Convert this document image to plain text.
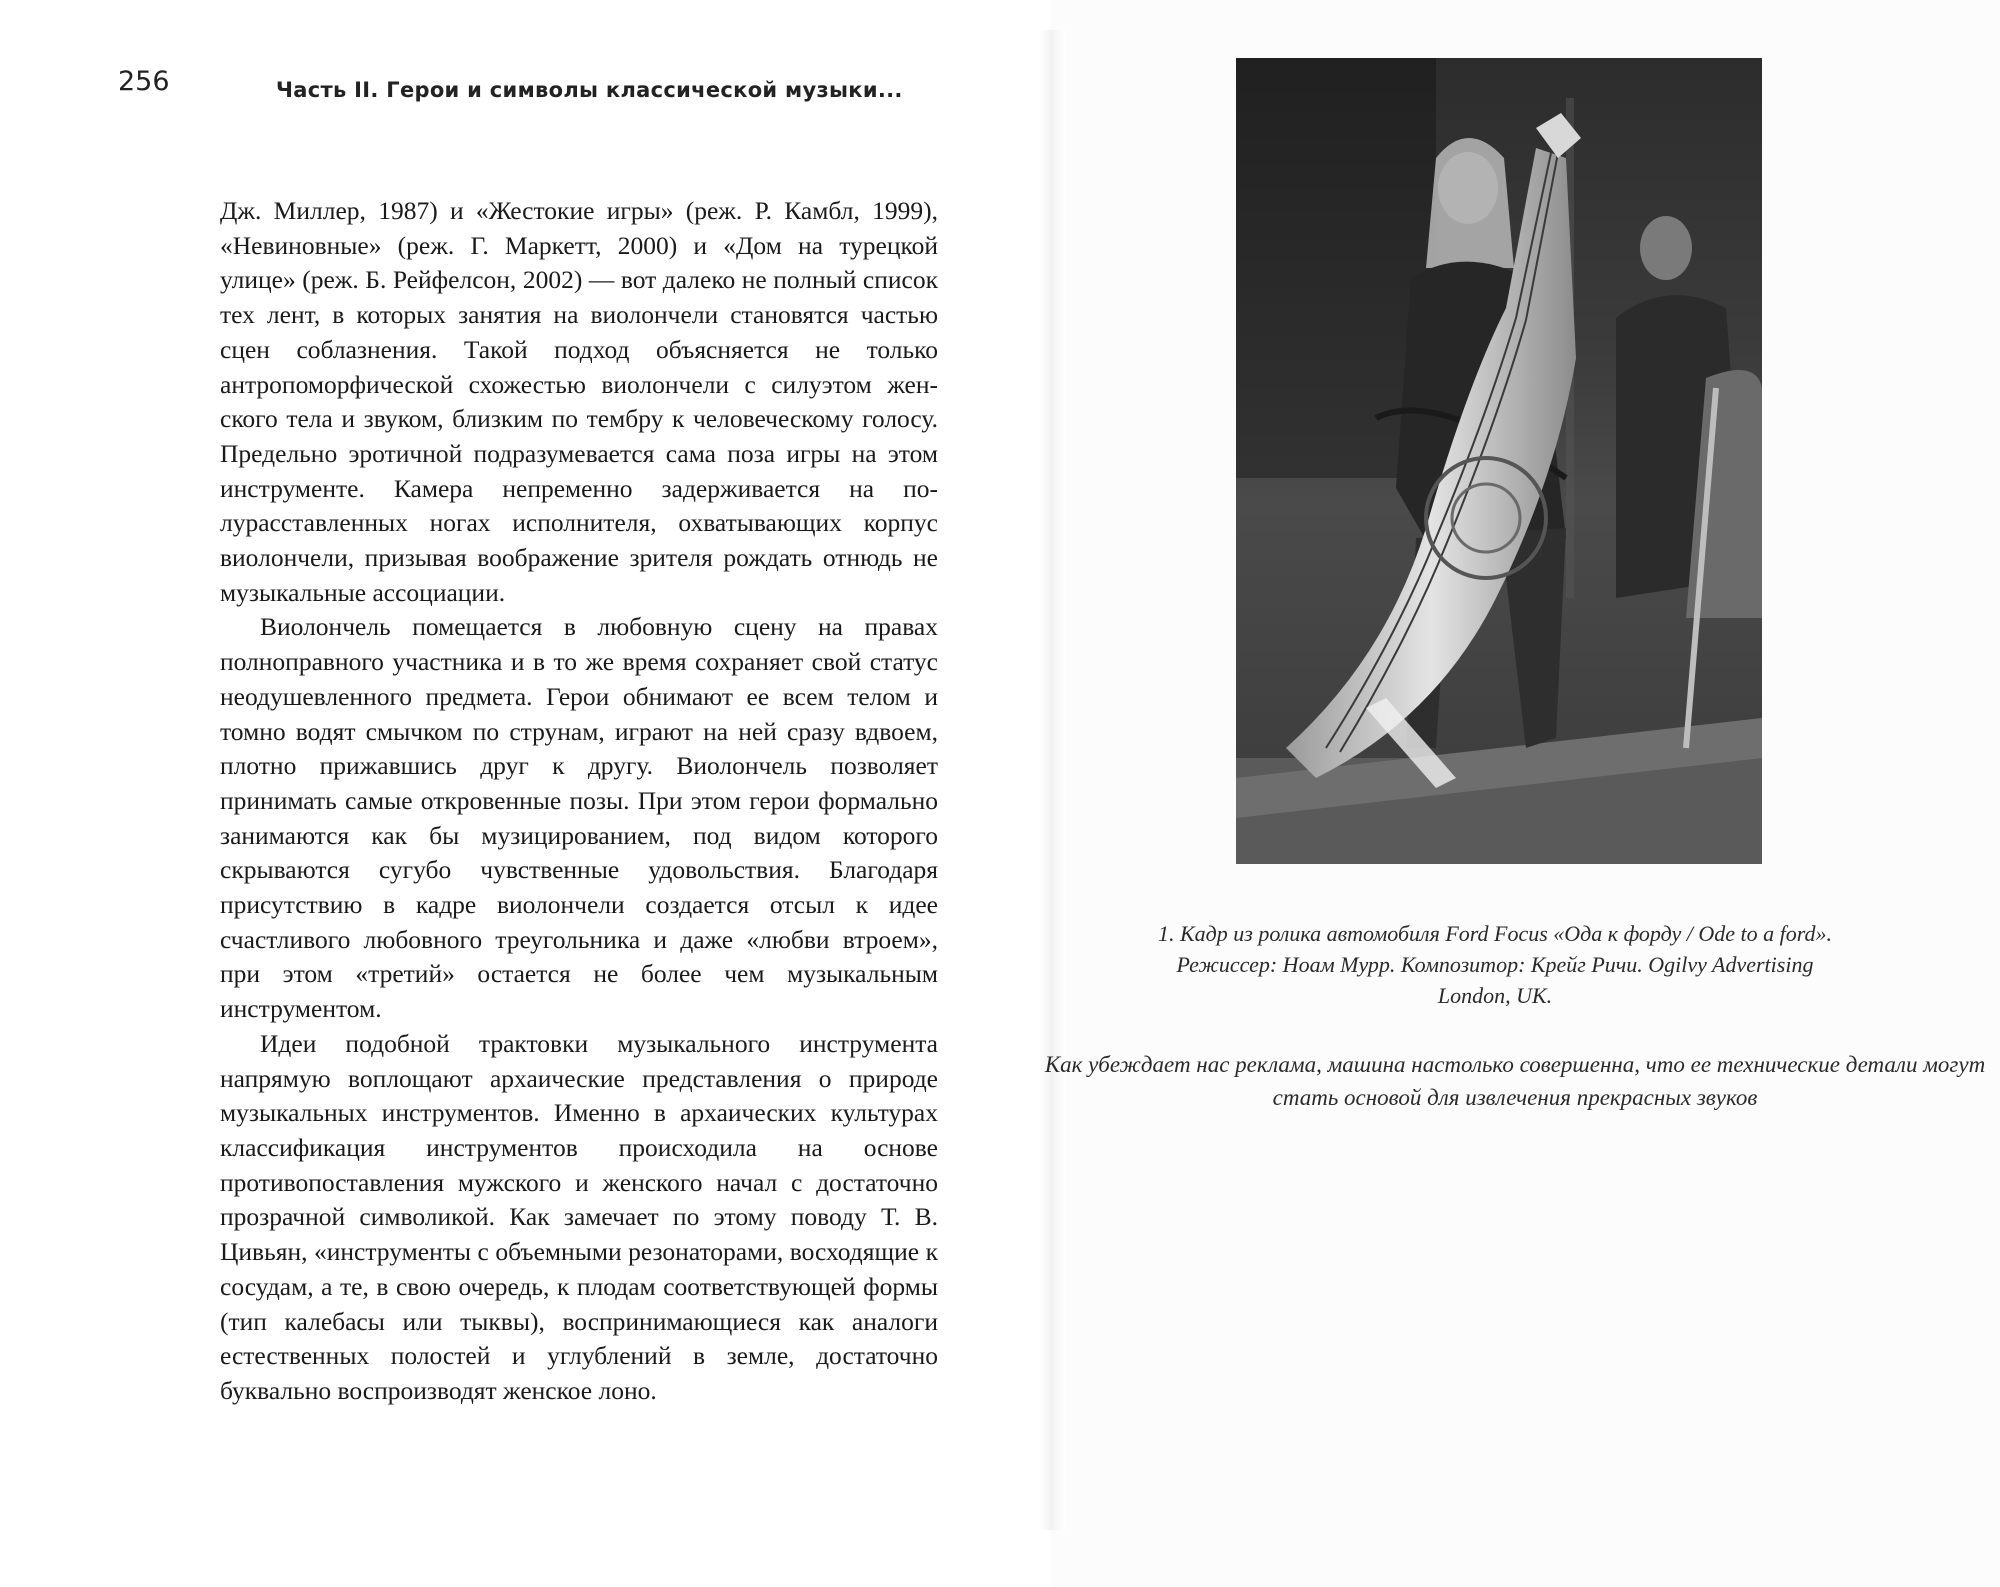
256	Часть II. Герои и символы классической музыки...

Дж. Миллер, 1987) и «Жестокие игры» (реж. Р. Камбл, 1999), «Невиновные» (реж. Г. Маркетт, 2000) и «Дом на турецкой улице» (реж. Б. Рейфелсон, 2002) — вот далеко не полный список тех лент, в которых занятия на виолончели становятся частью сцен соблазнения. Такой подход объясняется не только антропоморфической схожестью виолончели с силуэтом женского тела и звуком, близким по тембру к человеческому голосу. Предельно эротичной подразумевается сама поза игры на этом инструменте. Камера непременно задерживается на полурасставленных ногах исполнителя, охватывающих корпус виолончели, призывая воображение зрителя рождать отнюдь не музыкальные ассоциации.

Виолончель помещается в любовную сцену на правах полноправного участника и в то же время сохраняет свой статус неодушевленного предмета. Герои обнимают ее всем телом и томно водят смычком по струнам, играют на ней сразу вдвоем, плотно прижавшись друг к другу. Виолончель позволяет принимать самые откровенные позы. При этом герои формально занимаются как бы музицированием, под видом которого скрываются сугубо чувственные удовольствия. Благодаря присутствию в кадре виолончели создается отсыл к идее счастливого любовного треугольника и даже «любви втроем», при этом «третий» остается не более чем музыкальным инструментом.

Идеи подобной трактовки музыкального инструмента напрямую воплощают архаические представления о природе музыкальных инструментов. Именно в архаических культурах классификация инструментов происходила на основе противопоставления мужского и женского начал с достаточно прозрачной символикой. Как замечает по этому поводу Т. В. Цивьян, «инструменты с объемными резонаторами, восходящие к сосудам, а те, в свою очередь, к плодам соответствующей формы (тип калебасы или тыквы), воспринимающиеся как аналоги естественных полостей и углублений в земле, достаточно буквально воспроизводят женское лоно.

1. Кадр из ролика автомобиля Ford Focus «Ода к форду / Ode to a ford». Режиссер: Ноам Мурр. Композитор: Крейг Ричи. Ogilvy Advertising London, UK.
Как убеждает нас реклама, машина настолько совершенна, что ее технические детали могут стать основой для извлечения прекрасных звуков
